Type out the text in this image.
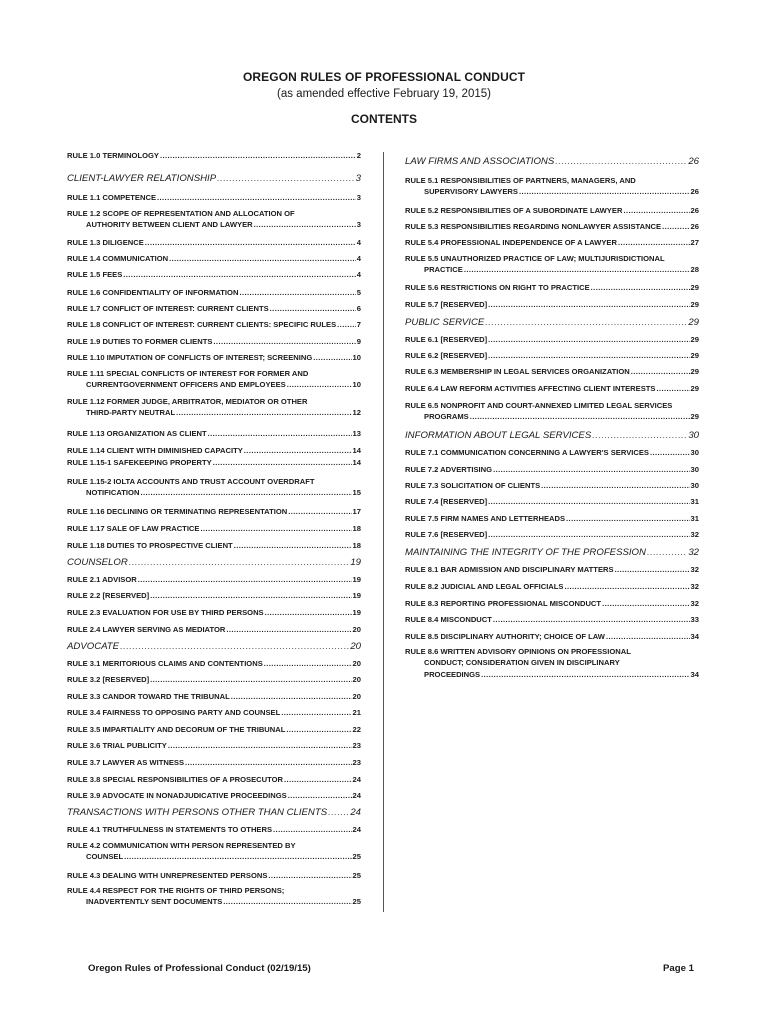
OREGON RULES OF PROFESSIONAL CONDUCT
(as amended effective February 19, 2015)
CONTENTS
RULE 1.0 TERMINOLOGY .....	2
CLIENT-LAWYER RELATIONSHIP .....	3
RULE 1.1 COMPETENCE .....	3
RULE 1.2 SCOPE OF REPRESENTATION AND ALLOCATION OF
AUTHORITY BETWEEN CLIENT AND LAWYER .....	3
RULE 1.3 DILIGENCE .....	4
RULE 1.4 COMMUNICATION .....	4
RULE 1.5 FEES .....	4
RULE 1.6 CONFIDENTIALITY OF INFORMATION .....	5
RULE 1.7 CONFLICT OF INTEREST: CURRENT CLIENTS .....	6
RULE 1.8 CONFLICT OF INTEREST: CURRENT CLIENTS: SPECIFIC RULES .....	7
RULE 1.9 DUTIES TO FORMER CLIENTS .....	9
RULE 1.10 IMPUTATION OF CONFLICTS OF INTEREST; SCREENING .....	10
RULE 1.11 SPECIAL CONFLICTS OF INTEREST FOR FORMER AND
CURRENTGOVERNMENT OFFICERS AND EMPLOYEES .....	10
RULE 1.12 FORMER JUDGE, ARBITRATOR, MEDIATOR OR OTHER
THIRD-PARTY NEUTRAL .....	12
RULE 1.13 ORGANIZATION AS CLIENT .....	13
RULE 1.14 CLIENT WITH DIMINISHED CAPACITY .....	14
RULE 1.15-1 SAFEKEEPING PROPERTY .....	14
RULE 1.15-2 IOLTA ACCOUNTS AND TRUST ACCOUNT OVERDRAFT
NOTIFICATION .....	15
RULE 1.16 DECLINING OR TERMINATING REPRESENTATION .....	17
RULE 1.17 SALE OF LAW PRACTICE .....	18
RULE 1.18 DUTIES TO PROSPECTIVE CLIENT .....	18
COUNSELOR .....	19
RULE 2.1 ADVISOR .....	19
RULE 2.2 [RESERVED] .....	19
RULE 2.3 EVALUATION FOR USE BY THIRD PERSONS .....	19
RULE 2.4 LAWYER SERVING AS MEDIATOR .....	20
ADVOCATE .....	20
RULE 3.1 MERITORIOUS CLAIMS AND CONTENTIONS .....	20
RULE 3.2 [RESERVED] .....	20
RULE 3.3 CANDOR TOWARD THE TRIBUNAL .....	20
RULE 3.4 FAIRNESS TO OPPOSING PARTY AND COUNSEL .....	21
RULE 3.5 IMPARTIALITY AND DECORUM OF THE TRIBUNAL .....	22
RULE 3.6 TRIAL PUBLICITY .....	23
RULE 3.7 LAWYER AS WITNESS .....	23
RULE 3.8 SPECIAL RESPONSIBILITIES OF A PROSECUTOR .....	24
RULE 3.9 ADVOCATE IN NONADJUDICATIVE PROCEEDINGS .....	24
TRANSACTIONS WITH PERSONS OTHER THAN CLIENTS ..... 24
RULE 4.1 TRUTHFULNESS IN STATEMENTS TO OTHERS .....	24
RULE 4.2 COMMUNICATION WITH PERSON REPRESENTED BY
COUNSEL .....	25
RULE 4.3 DEALING WITH UNREPRESENTED PERSONS .....	25
RULE 4.4 RESPECT FOR THE RIGHTS OF THIRD PERSONS;
INADVERTENTLY SENT DOCUMENTS .....	25
LAW FIRMS AND ASSOCIATIONS .....	26
RULE 5.1 RESPONSIBILITIES OF PARTNERS, MANAGERS, AND
SUPERVISORY LAWYERS .....	26
RULE 5.2 RESPONSIBILITIES OF A SUBORDINATE LAWYER .....	26
RULE 5.3 RESPONSIBILITIES REGARDING NONLAWYER ASSISTANCE .....	26
RULE 5.4 PROFESSIONAL INDEPENDENCE OF A LAWYER .....	27
RULE 5.5 UNAUTHORIZED PRACTICE OF LAW; MULTIJURISDICTIONAL
PRACTICE .....	28
RULE 5.6 RESTRICTIONS ON RIGHT TO PRACTICE .....	29
RULE 5.7 [RESERVED] .....	29
PUBLIC SERVICE .....	29
RULE 6.1 [RESERVED] .....	29
RULE 6.2 [RESERVED] .....	29
RULE 6.3 MEMBERSHIP IN LEGAL SERVICES ORGANIZATION .....	29
RULE 6.4 LAW REFORM ACTIVITIES AFFECTING CLIENT INTERESTS .....	29
RULE 6.5 NONPROFIT AND COURT-ANNEXED LIMITED LEGAL SERVICES
PROGRAMS .....	29
INFORMATION ABOUT LEGAL SERVICES .....	30
RULE 7.1 COMMUNICATION CONCERNING A LAWYER'S SERVICES .....	30
RULE 7.2 ADVERTISING .....	30
RULE 7.3 SOLICITATION OF CLIENTS .....	30
RULE 7.4 [RESERVED] .....	31
RULE 7.5 FIRM NAMES AND LETTERHEADS .....	31
RULE 7.6 [RESERVED] .....	32
MAINTAINING THE INTEGRITY OF THE PROFESSION .....	32
RULE 8.1 BAR ADMISSION AND DISCIPLINARY MATTERS .....	32
RULE 8.2 JUDICIAL AND LEGAL OFFICIALS .....	32
RULE 8.3 REPORTING PROFESSIONAL MISCONDUCT .....	32
RULE 8.4 MISCONDUCT .....	33
RULE 8.5 DISCIPLINARY AUTHORITY; CHOICE OF LAW .....	34
RULE 8.6 WRITTEN ADVISORY OPINIONS ON PROFESSIONAL
CONDUCT; CONSIDERATION GIVEN IN DISCIPLINARY
PROCEEDINGS .....	34
Oregon Rules of Professional Conduct (02/19/15)	Page 1
